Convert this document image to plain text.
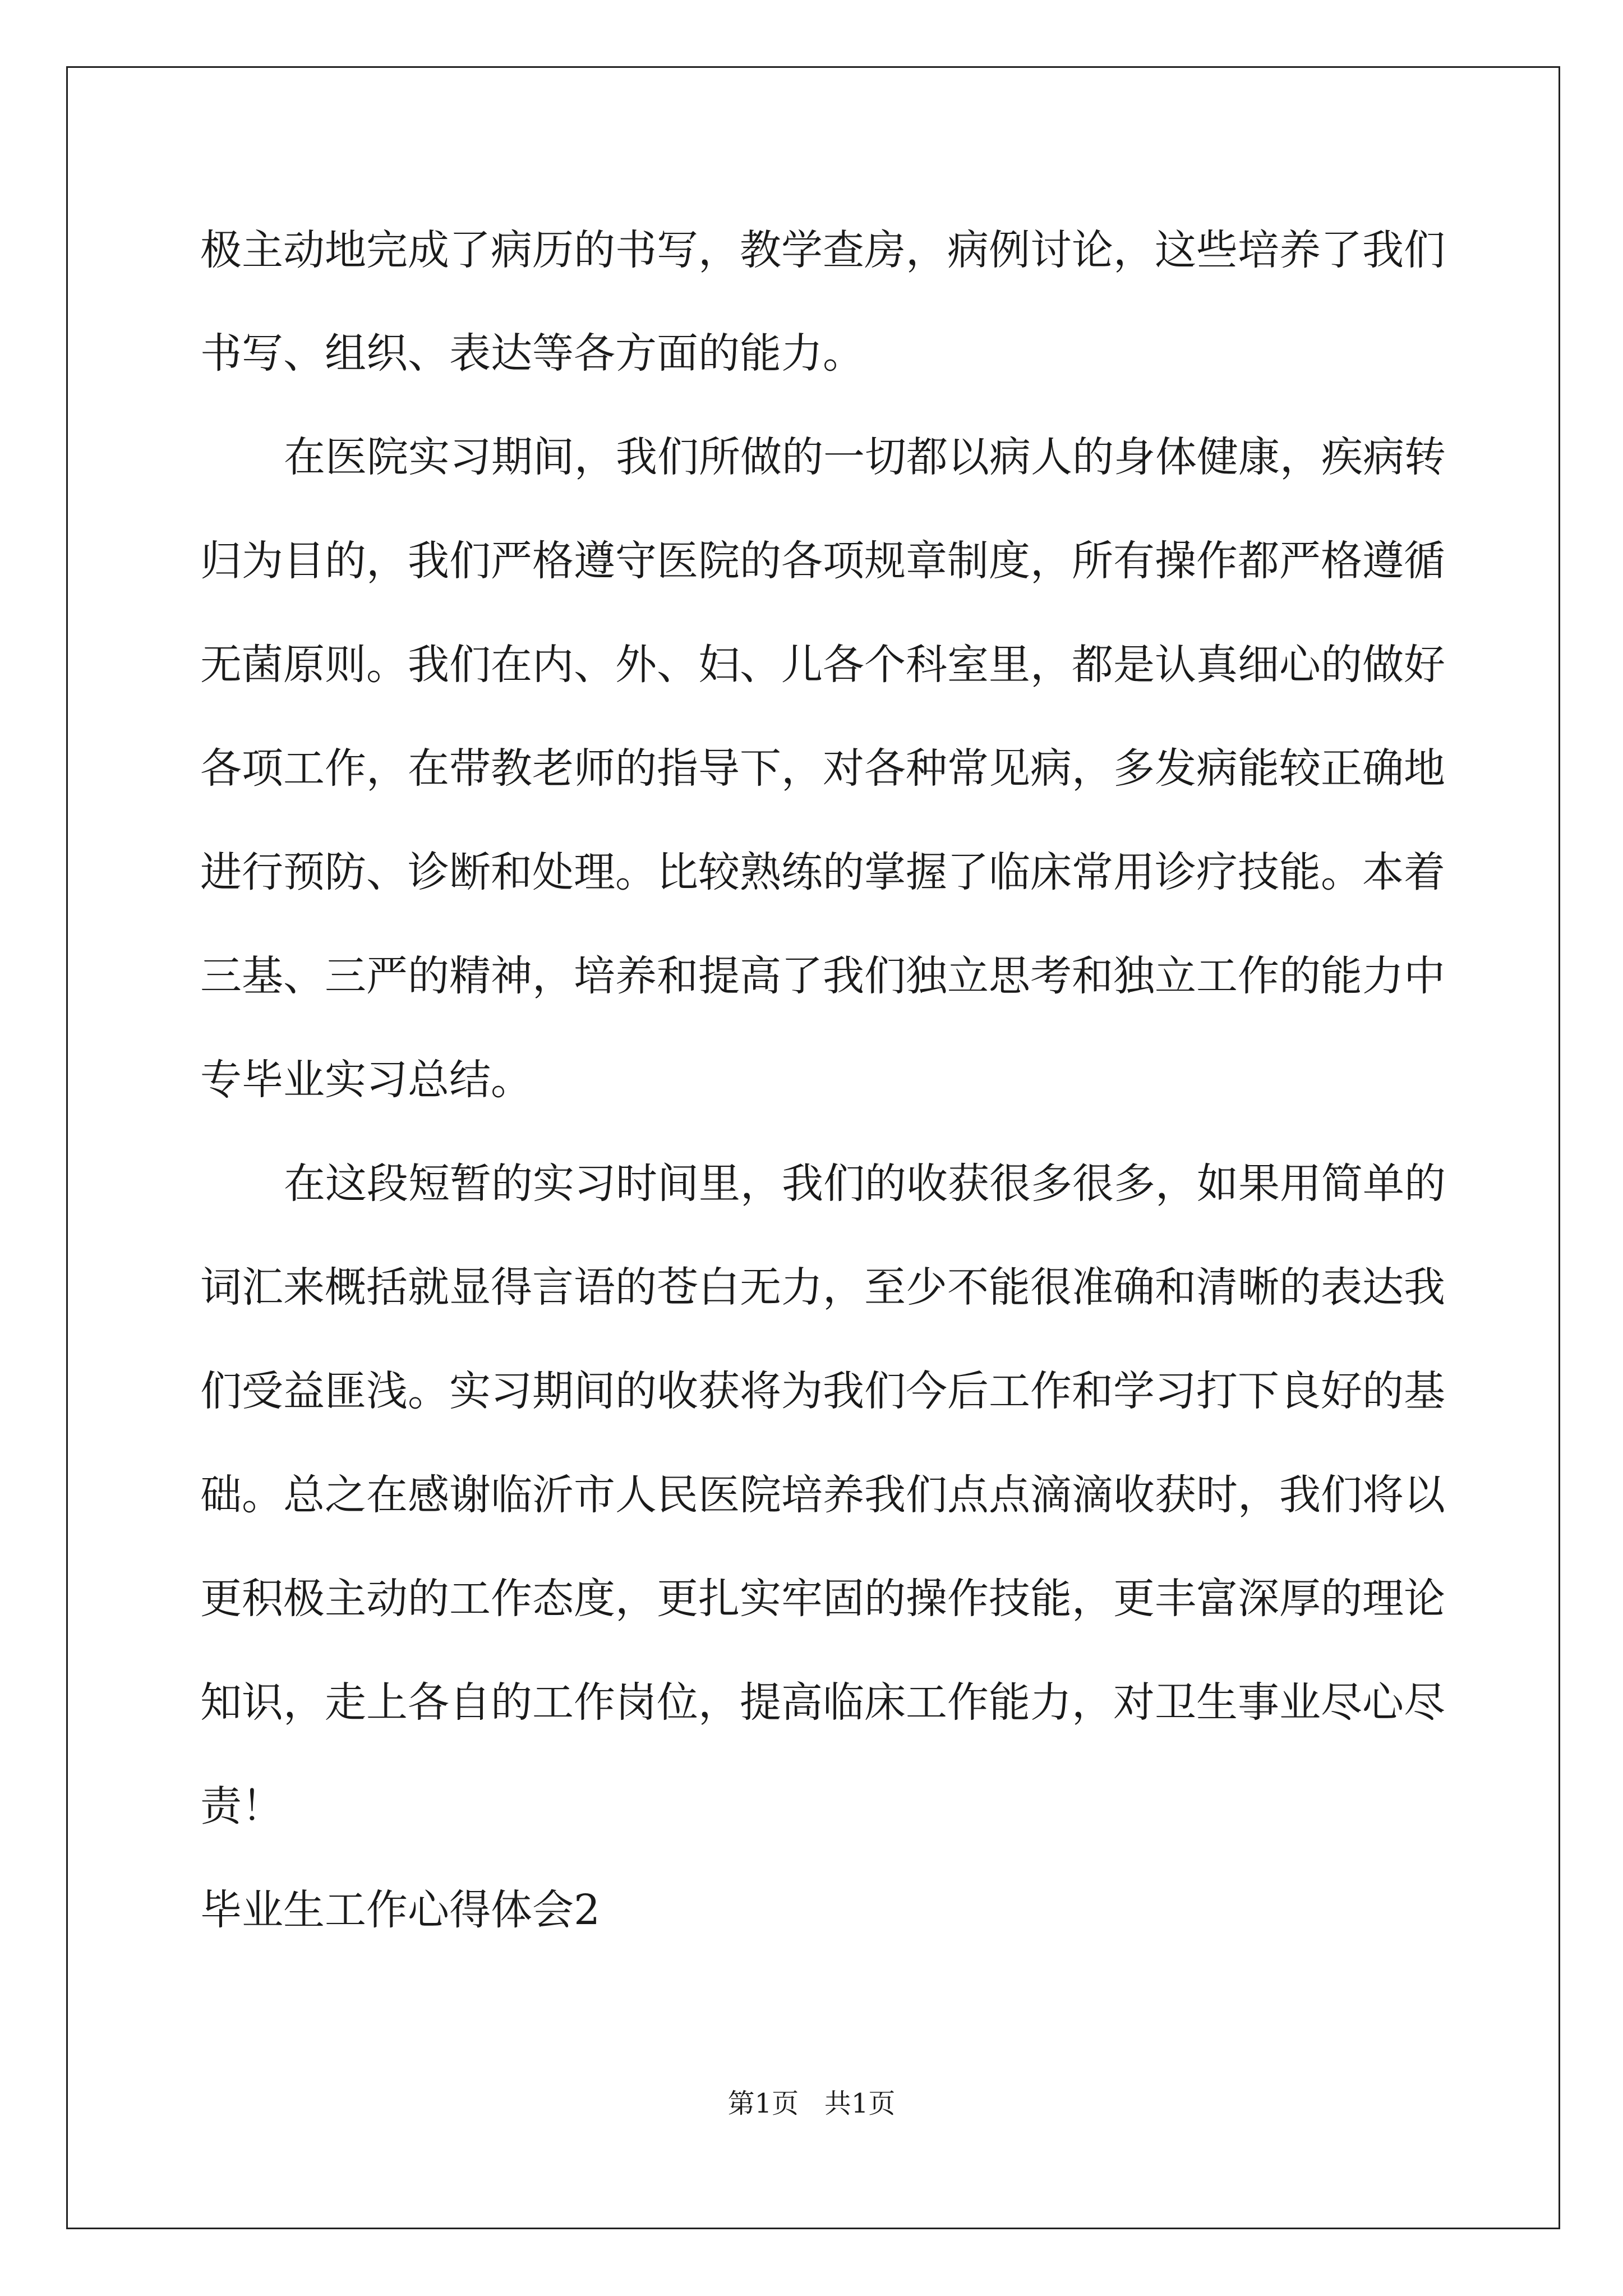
极主动地完成了病历的书写，教学查房，病例讨论，这些培养了我们
书写、组织、表达等各方面的能力。
在医院实习期间，我们所做的一切都以病人的身体健康，疾病转
归为目的，我们严格遵守医院的各项规章制度，所有操作都严格遵循
无菌原则。我们在内、外、妇、儿各个科室里，都是认真细心的做好
各项工作，在带教老师的指导下，对各种常见病，多发病能较正确地
进行预防、诊断和处理。比较熟练的掌握了临床常用诊疗技能。本着
三基、三严的精神，培养和提高了我们独立思考和独立工作的能力中
专毕业实习总结。
在这段短暂的实习时间里，我们的收获很多很多，如果用简单的
词汇来概括就显得言语的苍白无力，至少不能很准确和清晰的表达我
们受益匪浅。实习期间的收获将为我们今后工作和学习打下良好的基
础。总之在感谢临沂市人民医院培养我们点点滴滴收获时，我们将以
更积极主动的工作态度，更扎实牢固的操作技能，更丰富深厚的理论
知识，走上各自的工作岗位，提高临床工作能力，对卫生事业尽心尽
责！
毕业生工作心得体会2
第1页   共1页
